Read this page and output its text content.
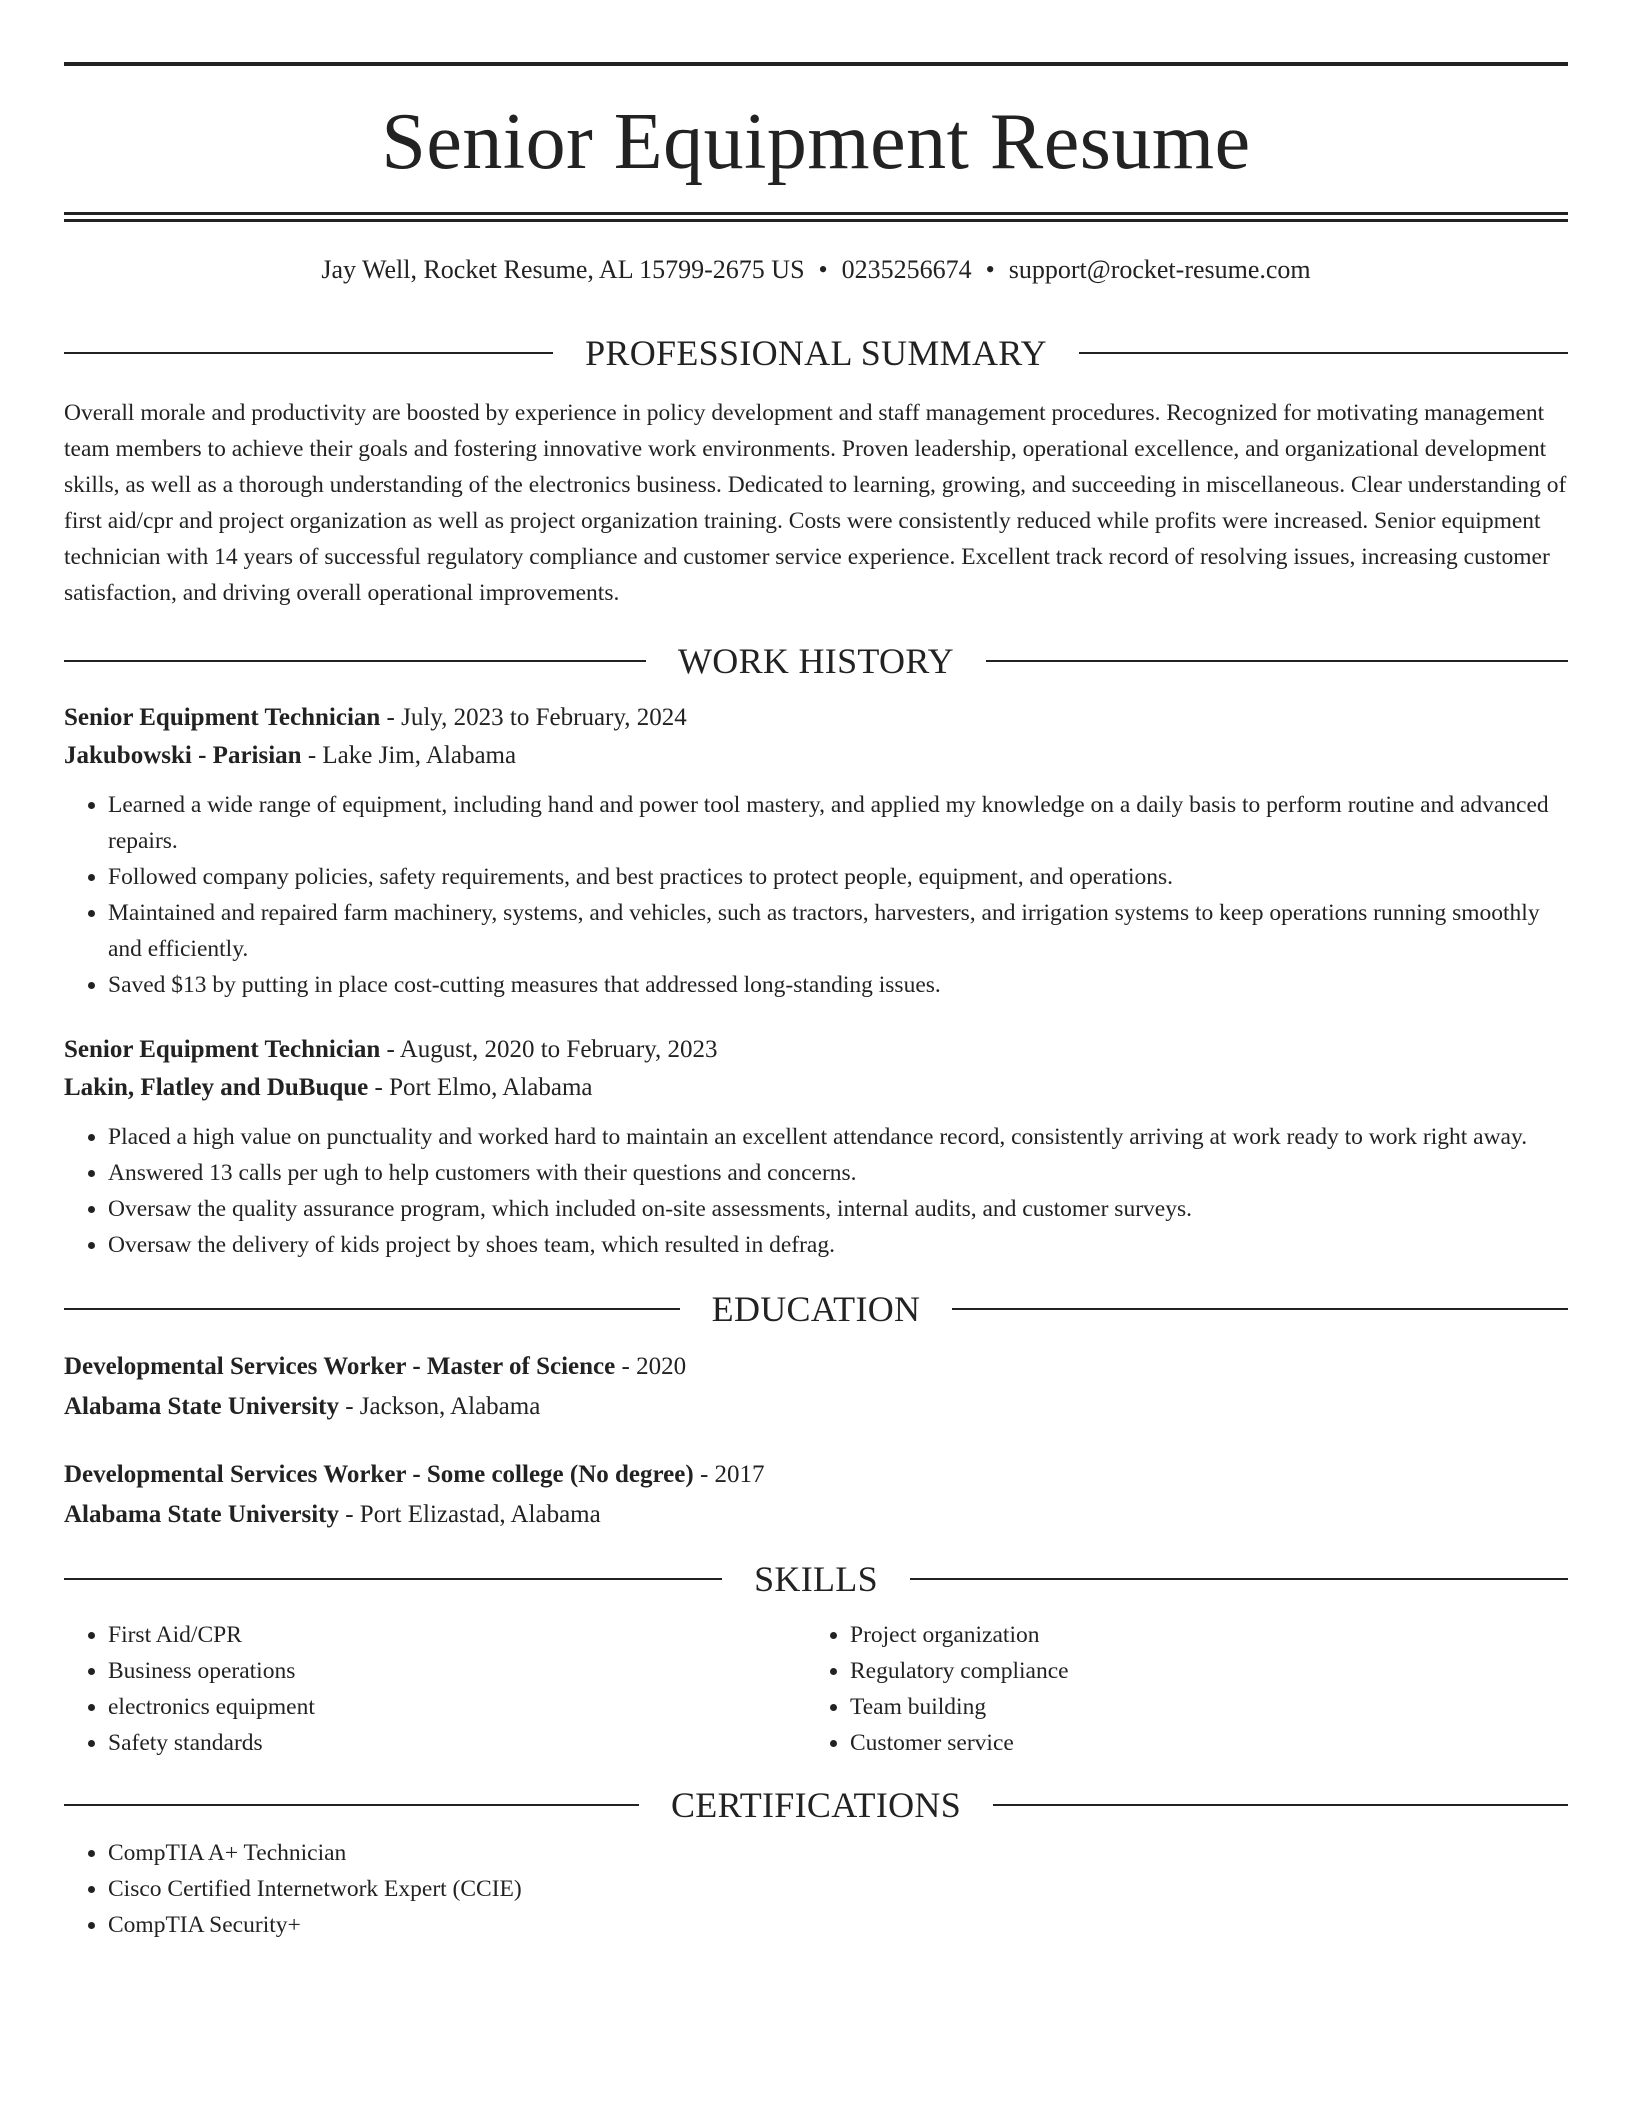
Senior Equipment Resume
Jay Well, Rocket Resume, AL 15799-2675 US • 0235256674 • support@rocket-resume.com
PROFESSIONAL SUMMARY
Overall morale and productivity are boosted by experience in policy development and staff management procedures. Recognized for motivating management team members to achieve their goals and fostering innovative work environments. Proven leadership, operational excellence, and organizational development skills, as well as a thorough understanding of the electronics business. Dedicated to learning, growing, and succeeding in miscellaneous. Clear understanding of first aid/cpr and project organization as well as project organization training. Costs were consistently reduced while profits were increased. Senior equipment technician with 14 years of successful regulatory compliance and customer service experience. Excellent track record of resolving issues, increasing customer satisfaction, and driving overall operational improvements.
WORK HISTORY
Senior Equipment Technician - July, 2023 to February, 2024
Jakubowski - Parisian - Lake Jim, Alabama
• Learned a wide range of equipment, including hand and power tool mastery, and applied my knowledge on a daily basis to perform routine and advanced repairs.
• Followed company policies, safety requirements, and best practices to protect people, equipment, and operations.
• Maintained and repaired farm machinery, systems, and vehicles, such as tractors, harvesters, and irrigation systems to keep operations running smoothly and efficiently.
• Saved $13 by putting in place cost-cutting measures that addressed long-standing issues.
Senior Equipment Technician - August, 2020 to February, 2023
Lakin, Flatley and DuBuque - Port Elmo, Alabama
• Placed a high value on punctuality and worked hard to maintain an excellent attendance record, consistently arriving at work ready to work right away.
• Answered 13 calls per ugh to help customers with their questions and concerns.
• Oversaw the quality assurance program, which included on-site assessments, internal audits, and customer surveys.
• Oversaw the delivery of kids project by shoes team, which resulted in defrag.
EDUCATION
Developmental Services Worker - Master of Science - 2020
Alabama State University - Jackson, Alabama
Developmental Services Worker - Some college (No degree) - 2017
Alabama State University - Port Elizastad, Alabama
SKILLS
• First Aid/CPR
• Business operations
• electronics equipment
• Safety standards
• Project organization
• Regulatory compliance
• Team building
• Customer service
CERTIFICATIONS
• CompTIA A+ Technician
• Cisco Certified Internetwork Expert (CCIE)
• CompTIA Security+
